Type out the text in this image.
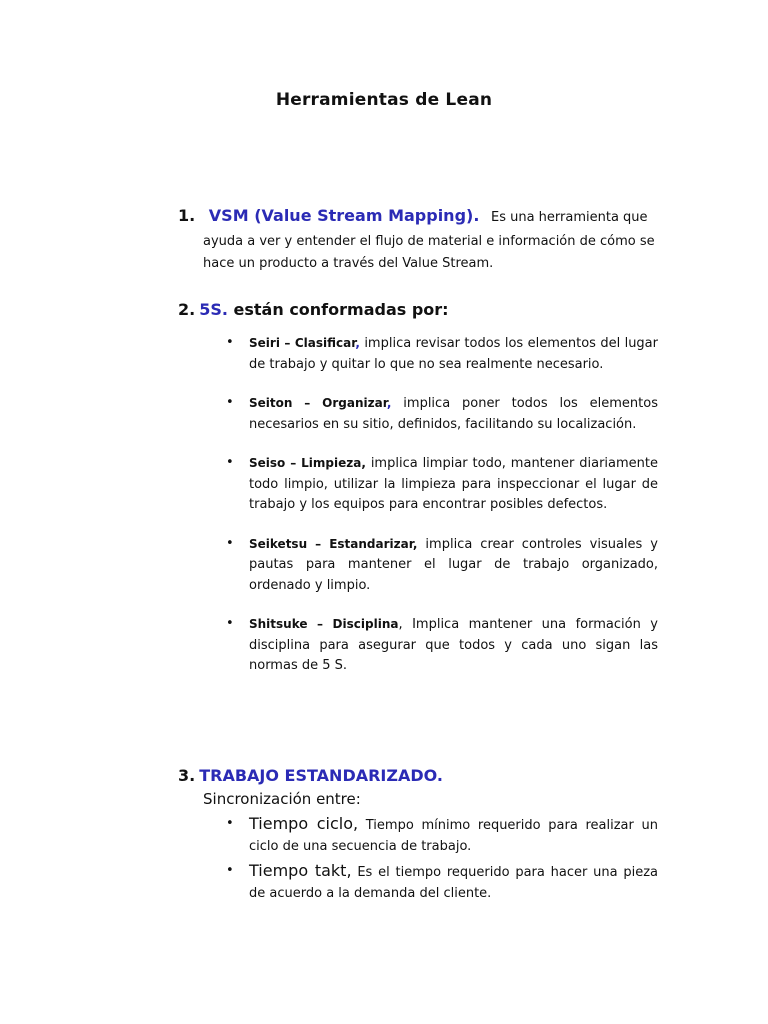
Herramientas de Lean
1. VSM (Value Stream Mapping). Es una herramienta que
ayuda a ver y entender el flujo de material e información de cómo se hace un producto a través del Value Stream.
2. 5S. están conformadas por:
• Seiri – Clasificar, implica revisar todos los elementos del lugar de trabajo y quitar lo que no sea realmente necesario.
• Seiton – Organizar, implica poner todos los elementos necesarios en su sitio, definidos, facilitando su localización.
• Seiso – Limpieza, implica limpiar todo, mantener diariamente todo limpio, utilizar la limpieza para inspeccionar el lugar de trabajo y los equipos para encontrar posibles defectos.
• Seiketsu – Estandarizar, implica crear controles visuales y pautas para mantener el lugar de trabajo organizado, ordenado y limpio.
• Shitsuke – Disciplina, Implica mantener una formación y disciplina para asegurar que todos y cada uno sigan las normas de 5 S.
3. TRABAJO ESTANDARIZADO.
Sincronización entre:
• Tiempo ciclo, Tiempo mínimo requerido para realizar un ciclo de una secuencia de trabajo.
• Tiempo takt, Es el tiempo requerido para hacer una pieza de acuerdo a la demanda del cliente.
